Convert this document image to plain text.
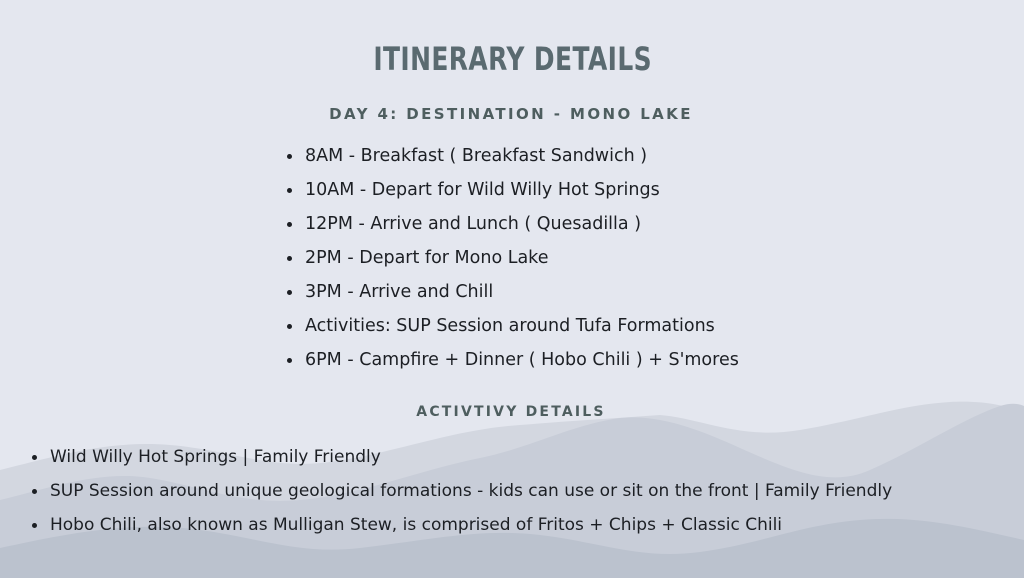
ITINERARY DETAILS
DAY 4: DESTINATION - MONO LAKE
8AM - Breakfast ( Breakfast Sandwich )
10AM - Depart for Wild Willy Hot Springs
12PM - Arrive and Lunch ( Quesadilla )
2PM - Depart for Mono Lake
3PM - Arrive and Chill
Activities: SUP Session around Tufa Formations
6PM - Campfire + Dinner ( Hobo Chili ) + S'mores
ACTIVTIVY DETAILS
Wild Willy Hot Springs | Family Friendly
SUP Session around unique geological formations - kids can use or sit on the front | Family Friendly
Hobo Chili, also known as Mulligan Stew, is comprised of Fritos + Chips + Classic Chili
